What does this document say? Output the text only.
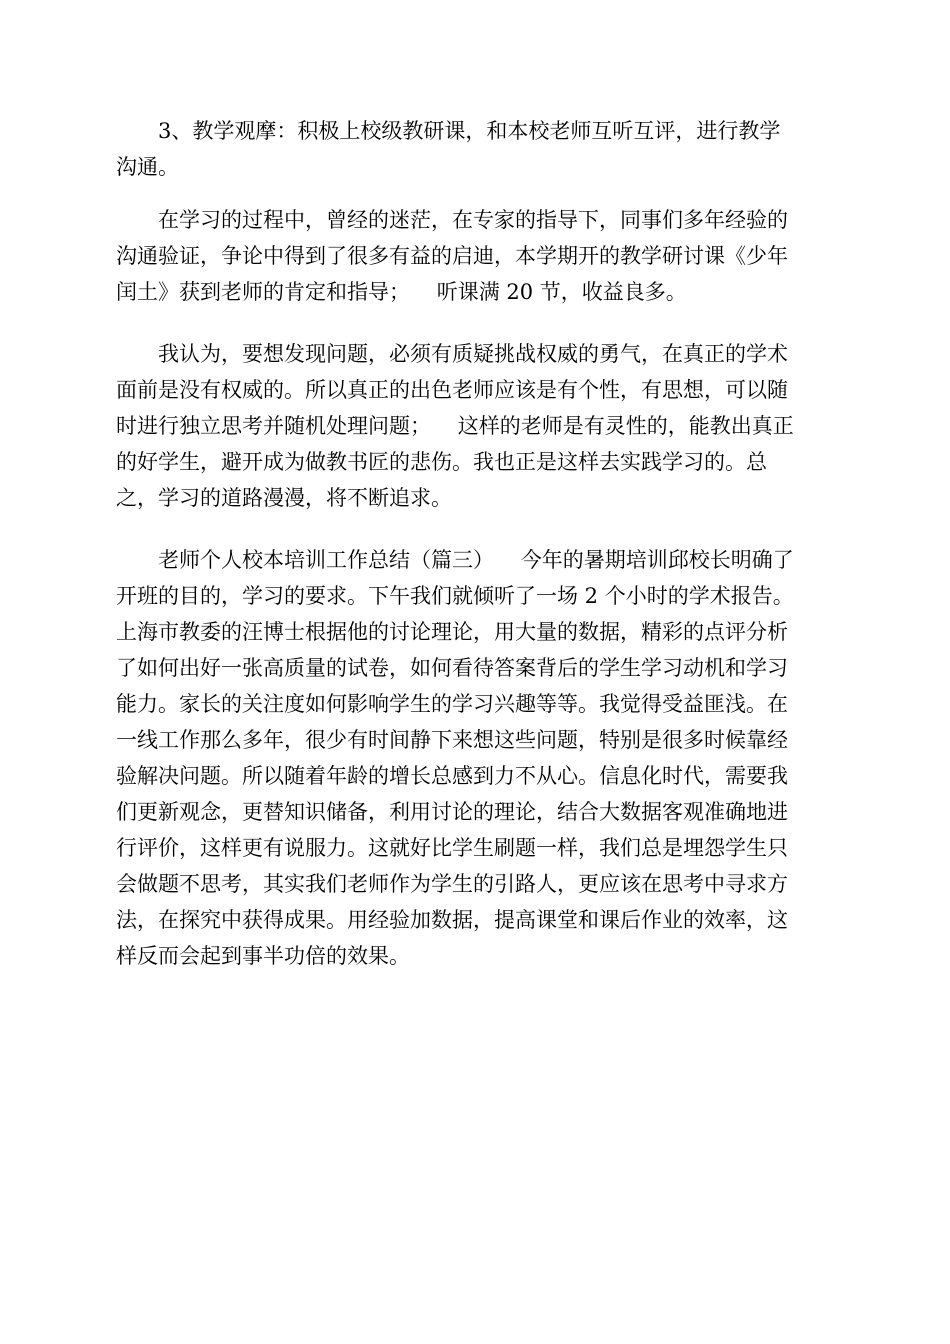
3、教学观摩：积极上校级教研课，和本校老师互听互评，进行教学
沟通。

在学习的过程中，曾经的迷茫，在专家的指导下，同事们多年经验的
沟通验证，争论中得到了很多有益的启迪，本学期开的教学研讨课《少年
闰土》获到老师的肯定和指导；    听课满 20 节，收益良多。

我认为，要想发现问题，必须有质疑挑战权威的勇气，在真正的学术
面前是没有权威的。所以真正的出色老师应该是有个性，有思想，可以随
时进行独立思考并随机处理问题；    这样的老师是有灵性的，能教出真正
的好学生，避开成为做教书匠的悲伤。我也正是这样去实践学习的。总
之，学习的道路漫漫，将不断追求。

老师个人校本培训工作总结（篇三）    今年的暑期培训邱校长明确了
开班的目的，学习的要求。下午我们就倾听了一场 2 个小时的学术报告。
上海市教委的汪博士根据他的讨论理论，用大量的数据，精彩的点评分析
了如何出好一张高质量的试卷，如何看待答案背后的学生学习动机和学习
能力。家长的关注度如何影响学生的学习兴趣等等。我觉得受益匪浅。在
一线工作那么多年，很少有时间静下来想这些问题，特别是很多时候靠经
验解决问题。所以随着年龄的增长总感到力不从心。信息化时代，需要我
们更新观念，更替知识储备，利用讨论的理论，结合大数据客观准确地进
行评价，这样更有说服力。这就好比学生刷题一样，我们总是埋怨学生只
会做题不思考，其实我们老师作为学生的引路人，更应该在思考中寻求方
法，在探究中获得成果。用经验加数据，提高课堂和课后作业的效率，这
样反而会起到事半功倍的效果。
